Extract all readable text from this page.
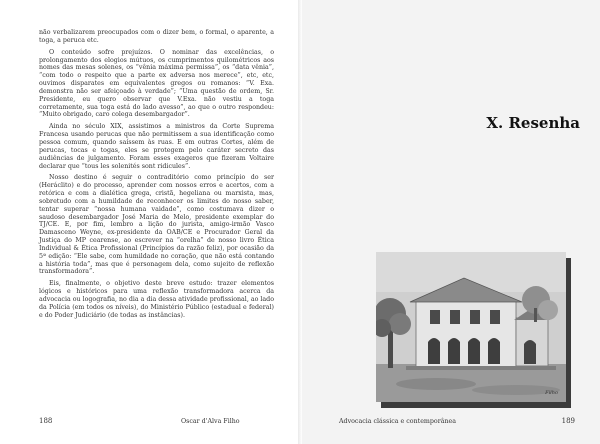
não verbalizarem preocupados com o dizer bem, o formal, o aparente, a toga, a peruca etc.

O conteúdo sofre prejuízos. O nominar das excelências, o prolongamento dos elogios mútuos, os cumprimentos quilométricos aos nomes das mesas solenes, os “vênia máxima permissa”, os “data vênia”, “com todo o respeito que a parte ex adversa nos merece”, etc, etc, ouvimos disparates em equivalentes gregos ou romanos: “V. Exa. demonstra não ser afeiçoado à verdade”; “Uma questão de ordem, Sr. Presidente, eu quero observar que V.Exa. não vestiu a toga corretamente, sua toga está do lado avesso”, ao que o outro respondeu: “Muito obrigado, caro colega desembargador”.

Ainda no século XIX, assistimos a ministros da Corte Suprema Francesa usando perucas que não permitissem a sua identificação como pessoa comum, quando saíssem às ruas. E em outras Cortes, além de perucas, tocas e togas, eles se protegem pelo caráter secreto das audiências de julgamento. Foram esses exageros que fizeram Voltaire declarar que “tous les solenités sont ridicules”.

Nosso destino é seguir o contraditório como princípio do ser (Heráclito) e do processo, aprender com nossos erros e acertos, com a retórica e com a dialética grega, cristã, hegeliana ou marxista, mas, sobretudo com a humildade de reconhecer os limites do nosso saber, tentar superar “nossa humana vaidade”, como costumava dizer o saudoso desembargador José Maria de Melo, presidente exemplar do TJ/CE. E, por fim, lembro a lição do jurista, amigo-irmão Vasco Damasceno Weyne, ex-presidente da OAB/CE e Procurador Geral da Justiça do MP cearense, ao escrever na “orelha” de nosso livro Ética Individual & Ética Profissional (Princípios da razão feliz), por ocasião da 5ª edição: “Ele sabe, com humildade no coração, que não está contando a história toda”, mas que é personagem dela, como sujeito de reflexão transformadora”.

Eis, finalmente, o objetivo deste breve estudo: trazer elementos lógicos e históricos para uma reflexão transformadora acerca da advocacia ou logografia, no dia a dia dessa atividade profissional, ao lado da Polícia (em todos os níveis), do Ministério Público (estadual e federal) e do Poder Judiciário (de todas as instâncias).

188	Oscar d'Alva Filho
X. Resenha
Filho
Advocacia clássica e contemporânea	189
